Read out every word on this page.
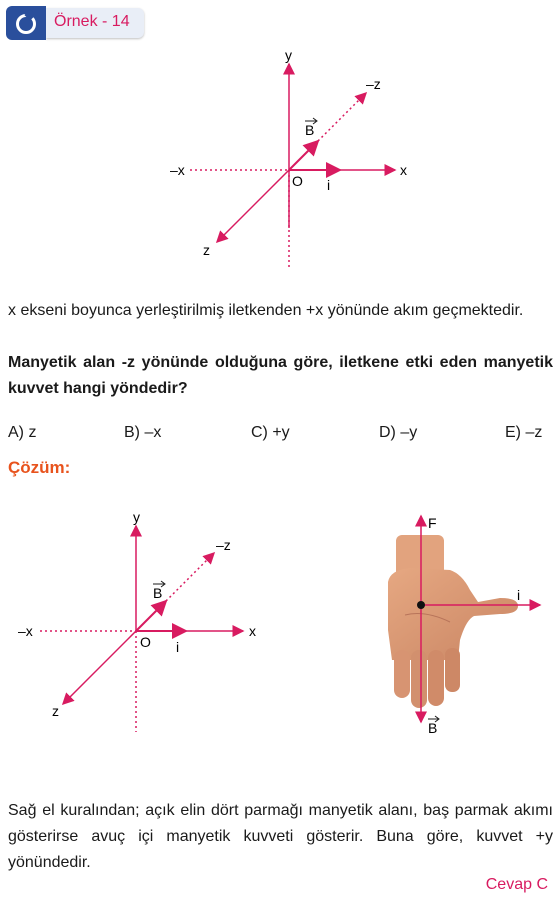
Örnek - 14
y
x
–x
z
–z
O i
B
x ekseni boyunca yerleştirilmiş iletkenden +x yönünde akım geçmektedir.
Manyetik alan -z yönünde olduğuna göre, iletkene etki eden manyetik kuvvet hangi yöndedir?
A) z	B) –x	C) +y	D) –y	E) –z
Çözüm:
y
x
–x
z
–z
O i
B
F
i
B
Sağ el kuralından; açık elin dört parmağı manyetik alanı, baş parmak akımı gösterirse avuç içi manyetik kuvveti gösterir. Buna göre, kuvvet +y yönündedir.
Cevap C
